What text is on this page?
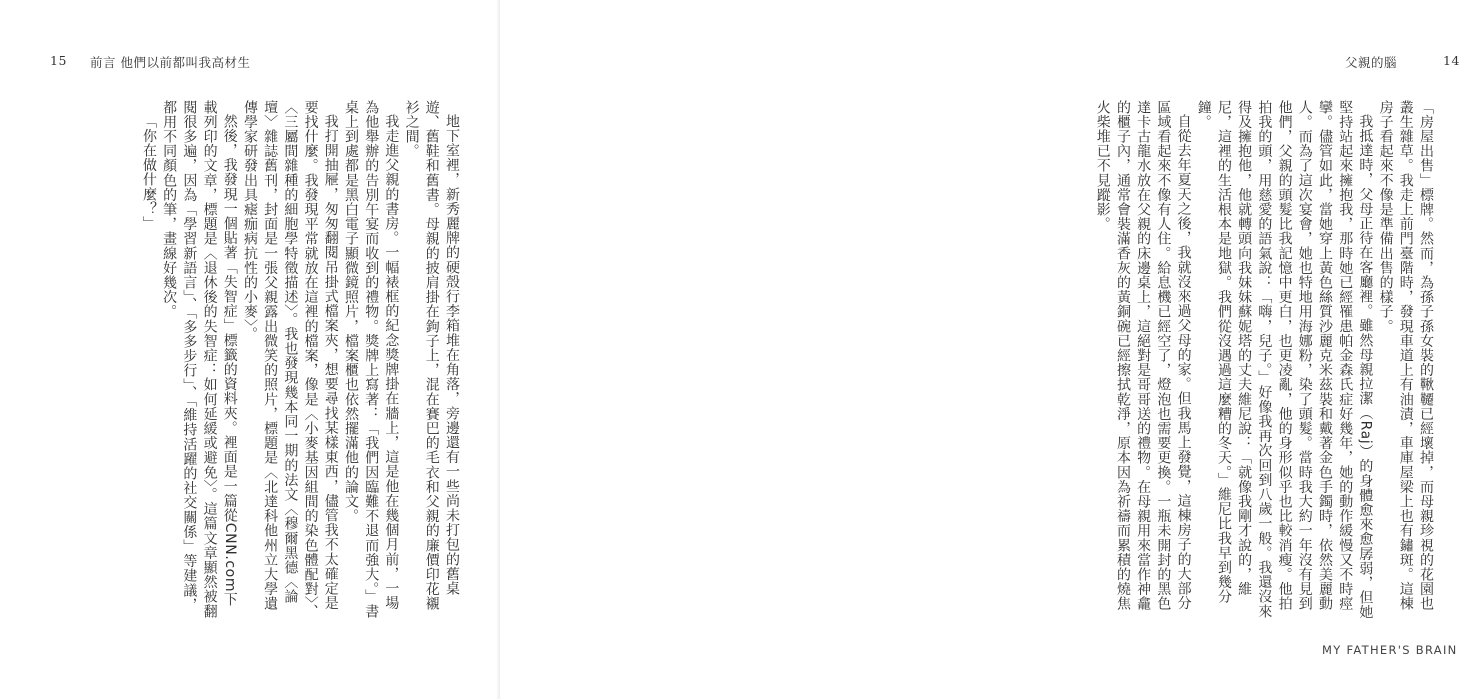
15 前言 他們以前都叫我高材生

地下室裡，新秀麗牌的硬殼行李箱堆在角落，旁邊還有一些尚未打包的舊桌遊、舊鞋和舊書。母親的披肩掛在鉤子上，混在賽巴的毛衣和父親的廉價印花襯衫之間。

我走進父親的書房。一幅裱框的紀念獎牌掛在牆上，這是他在幾個月前，一場為他舉辦的告別午宴而收到的禮物。獎牌上寫著：「我們因臨難不退而強大。」書桌上到處都是黑白電子顯微鏡照片，檔案櫃也依然擺滿他的論文。

我打開抽屜，匆匆翻閱吊掛式檔案夾，想要尋找某樣東西，儘管我不太確定是要找什麼。我發現平常就放在這裡的檔案，像是〈小麥基因組間的染色體配對〉、〈三屬間雜種的細胞學特徵描述〉。我也發現幾本同一期的法文〈穆爾黑德〈論壇〉雜誌舊刊，封面是一張父親露出微笑的照片，標題是〈北達科他州立大學遺傳學家研發出具瘧痂病抗性的小麥〉。

然後，我發現一個貼著「失智症」標籤的資料夾。裡面是一篇從CNN.com下載列印的文章，標題是〈退休後的失智症：如何延緩或避免〉。這篇文章顯然被翻閱很多遍，因為「學習新語言」、「多多步行」、「維持活躍的社交關係」等建議，都用不同顏色的筆，畫線好幾次。

「你在做什麼？」

父親的腦	14

「房屋出售」標牌。然而，為孫子孫女裝的鞦韆已經壞掉，而母親珍視的花園也叢生雜草。我走上前門臺階時，發現車道上有油漬，車庫屋梁上也有鏽斑。這棟房子看起來不像是準備出售的樣子。

我抵達時，父母正待在客廳裡。雖然母親拉潔（Raj）的身體愈來愈孱弱，但她堅持站起來擁抱我，那時她已經罹患帕金森氏症好幾年，她的動作緩慢又不時痙攣。儘管如此，當她穿上黃色絲質沙麗克米茲裝和戴著金色手鐲時，依然美麗動人。而為了這次宴會，她也特地用海娜粉，染了頭髮。當時我大約一年沒有見到他們，父親的頭髮比我記憶中更白，也更凌亂，他的身形似乎也比較消瘦。他拍拍我的頭，用慈愛的語氣說：「嗨，兒子。」好像我再次回到八歲一般。我還沒來得及擁抱他，他就轉頭向我妹妹蘇妮塔的丈夫維尼說：「就像我剛才說的，維尼，這裡的生活根本是地獄。我們從沒遇過這麼糟的冬天。」維尼比我早到幾分鐘。

自從去年夏天之後，我就沒來過父母的家。但我馬上發覺，這棟房子的大部分區域看起來不像有人住。給息機已經空了，燈泡也需要更換。一瓶未開封的黑色達卡古龍水放在父親的床邊桌上，這絕對是哥哥送的禮物。在母親用來當作神龕的櫃子內，通常會裝滿香灰的黃銅碗已經擦拭乾淨，原本因為祈禱而累積的燒焦火柴堆已不見蹤影。

MY FATHER'S BRAIN
